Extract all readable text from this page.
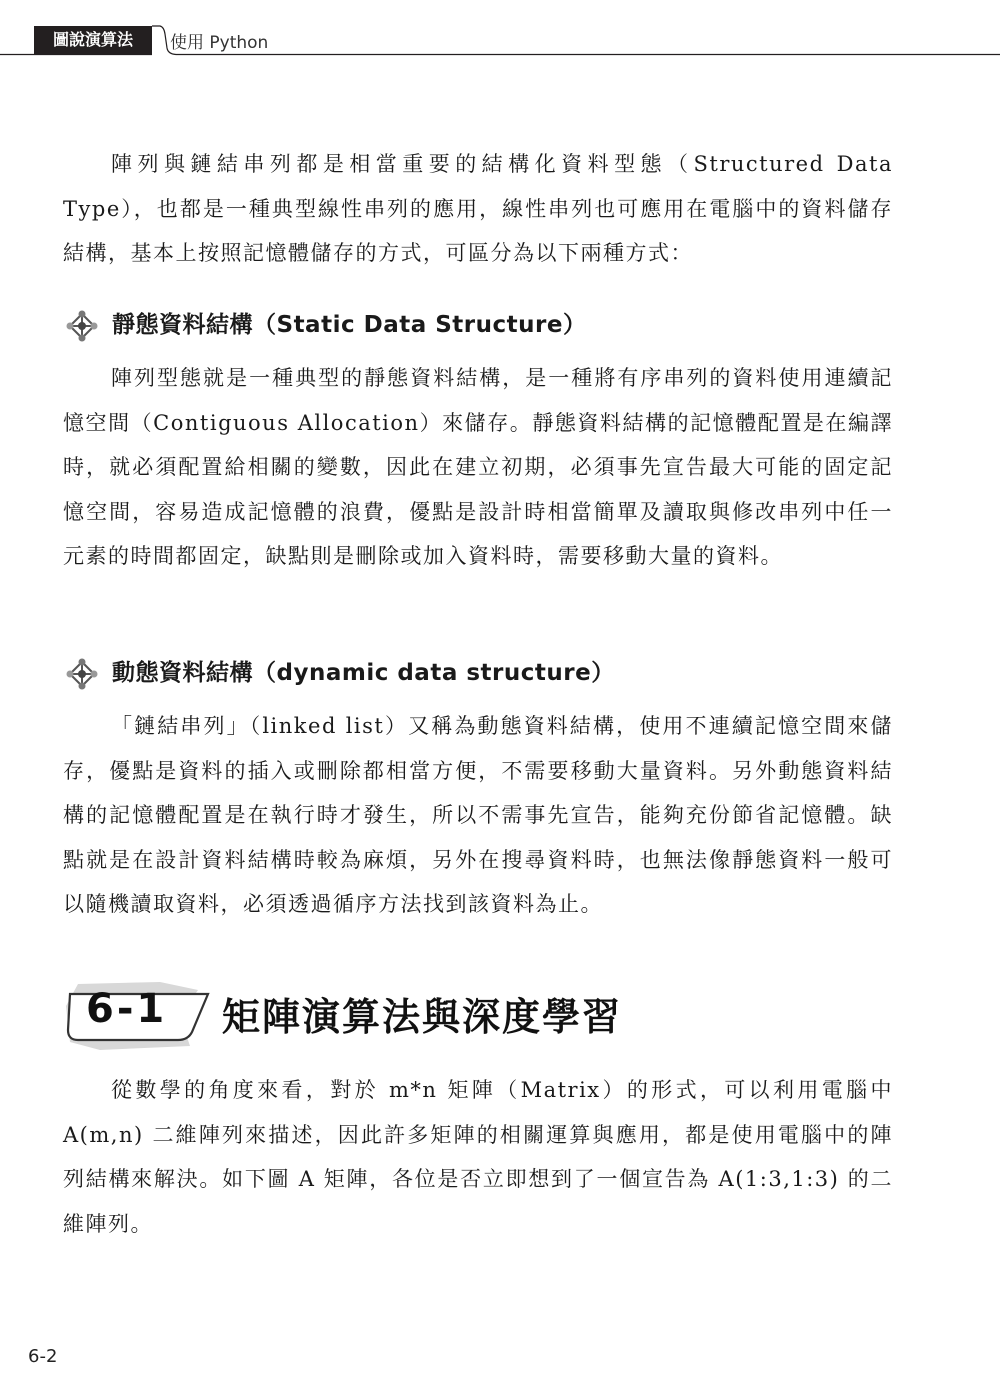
圖說演算法	使用 Python

陣列與鏈結串列都是相當重要的結構化資料型態（Structured Data Type），也都是一種典型線性串列的應用，線性串列也可應用在電腦中的資料儲存結構，基本上按照記憶體儲存的方式，可區分為以下兩種方式：

靜態資料結構（Static Data Structure）

陣列型態就是一種典型的靜態資料結構，是一種將有序串列的資料使用連續記憶空間（Contiguous Allocation）來儲存。靜態資料結構的記憶體配置是在編譯時，就必須配置給相關的變數，因此在建立初期，必須事先宣告最大可能的固定記憶空間，容易造成記憶體的浪費，優點是設計時相當簡單及讀取與修改串列中任一元素的時間都固定，缺點則是刪除或加入資料時，需要移動大量的資料。

動態資料結構（dynamic data structure）

「鏈結串列」（linked list）又稱為動態資料結構，使用不連續記憶空間來儲存，優點是資料的插入或刪除都相當方便，不需要移動大量資料。另外動態資料結構的記憶體配置是在執行時才發生，所以不需事先宣告，能夠充份節省記憶體。缺點就是在設計資料結構時較為麻煩，另外在搜尋資料時，也無法像靜態資料一般可以隨機讀取資料，必須透過循序方法找到該資料為止。

6-1	矩陣演算法與深度學習

從數學的角度來看，對於 m*n 矩陣（Matrix）的形式，可以利用電腦中 A(m,n) 二維陣列來描述，因此許多矩陣的相關運算與應用，都是使用電腦中的陣列結構來解決。如下圖 A 矩陣，各位是否立即想到了一個宣告為 A(1:3,1:3) 的二維陣列。

6-2
